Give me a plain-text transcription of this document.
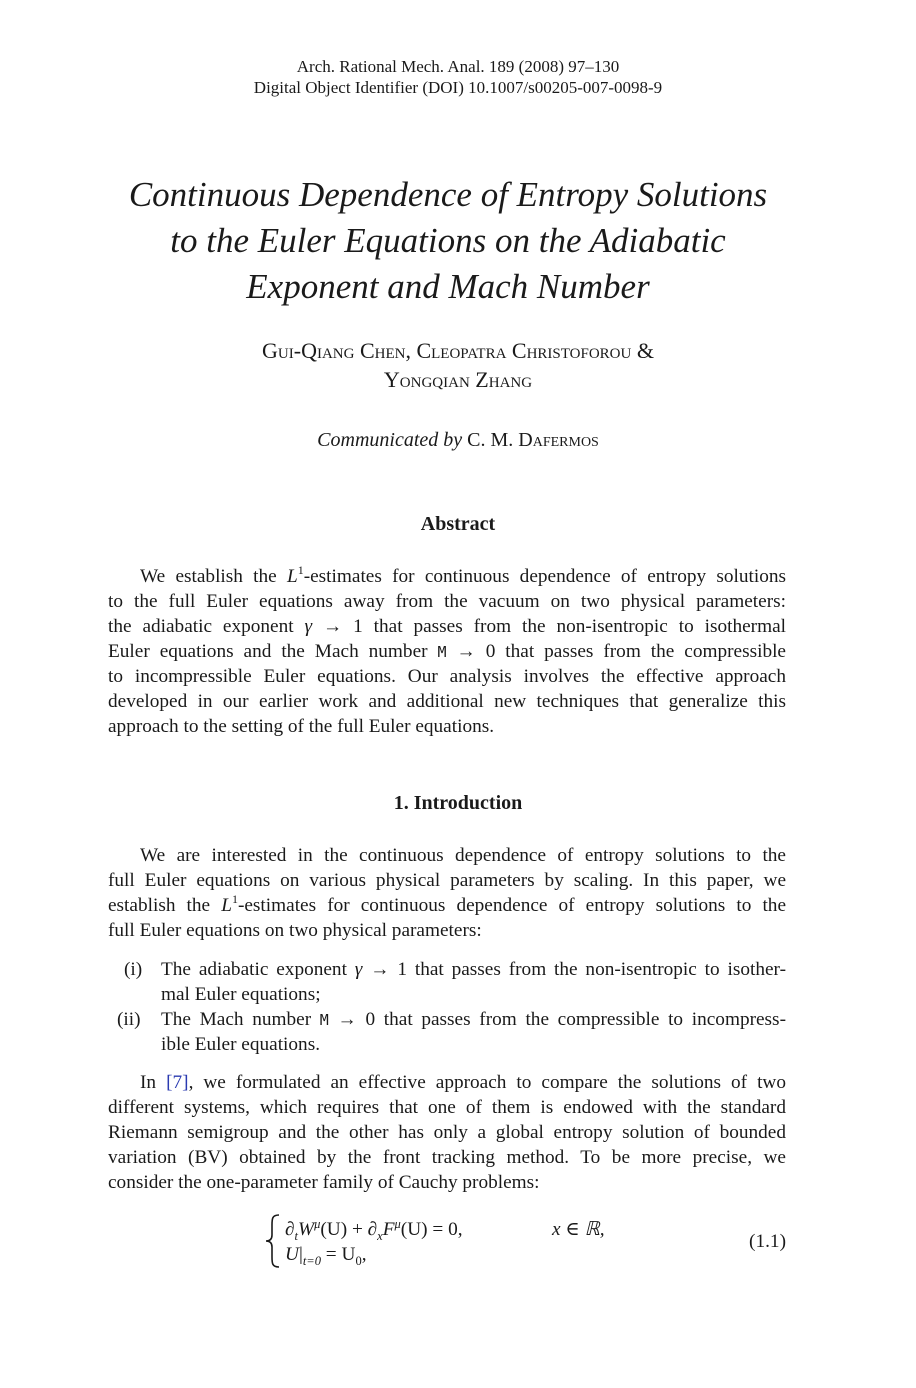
Arch. Rational Mech. Anal. 189 (2008) 97–130
Digital Object Identifier (DOI) 10.1007/s00205-007-0098-9
Continuous Dependence of Entropy Solutions
to the Euler Equations on the Adiabatic
Exponent and Mach Number
Gui-Qiang Chen, Cleopatra Christoforou &
Yongqian Zhang
Communicated by C. M. Dafermos
Abstract
We establish the $L^1$-estimates for continuous dependence of entropy solutions
to the full Euler equations away from the vacuum on two physical parameters:
the adiabatic exponent γ → 1 that passes from the non-isentropic to isothermal
Euler equations and the Mach number M → 0 that passes from the compressible
to incompressible Euler equations. Our analysis involves the effective approach
developed in our earlier work and additional new techniques that generalize this
approach to the setting of the full Euler equations.
1. Introduction
We are interested in the continuous dependence of entropy solutions to the
full Euler equations on various physical parameters by scaling. In this paper, we
establish the $L^1$-estimates for continuous dependence of entropy solutions to the
full Euler equations on two physical parameters:
(i) The adiabatic exponent γ → 1 that passes from the non-isentropic to isother-
mal Euler equations;
(ii) The Mach number M → 0 that passes from the compressible to incompress-
ible Euler equations.
In [7], we formulated an effective approach to compare the solutions of two
different systems, which requires that one of them is endowed with the standard
Riemann semigroup and the other has only a global entropy solution of bounded
variation (BV) obtained by the front tracking method. To be more precise, we
consider the one-parameter family of Cauchy problems:
$\partial_tW^\mu(U) + \partial_xF^\mu(U) = 0$,	x ∈ ℝ,
$U|_{t=0} = U_0$,
(1.1)
